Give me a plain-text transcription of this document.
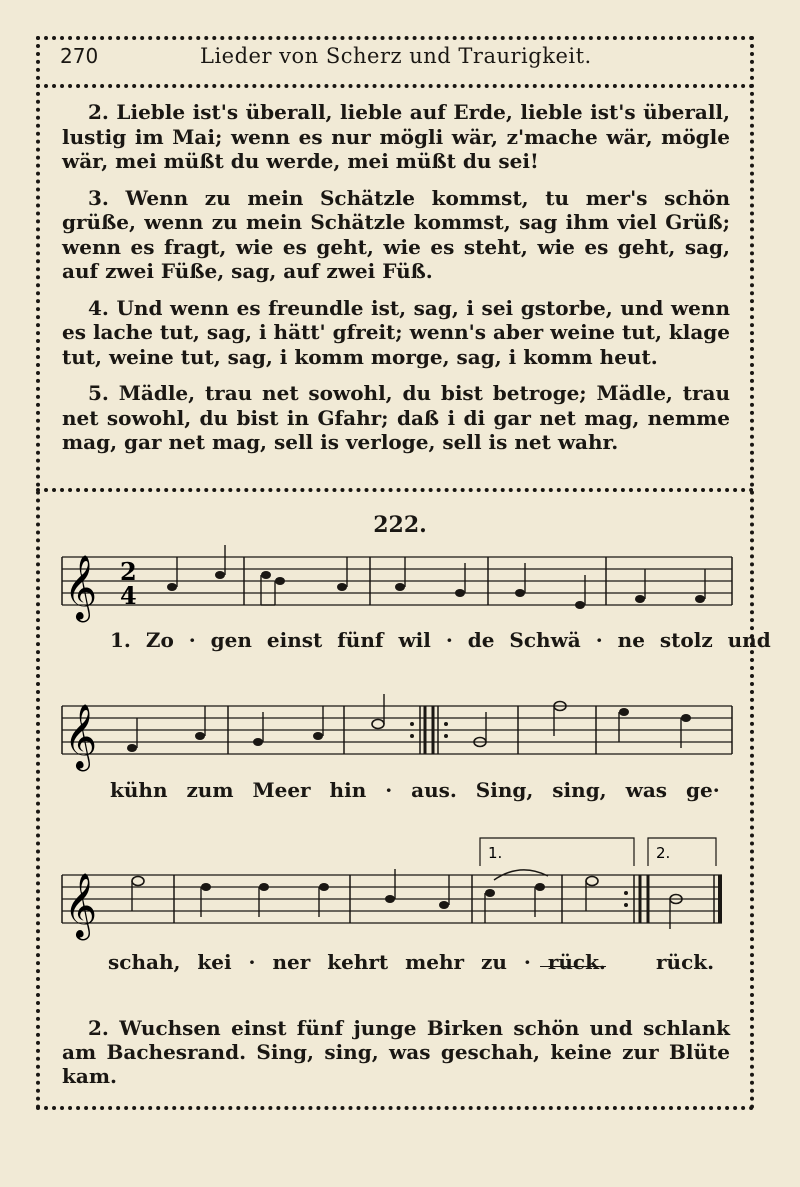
270	Lieder von Scherz und Traurigkeit.

2. Lieble ist's überall, lieble auf Erde, lieble ist's überall, lustig im Mai; wenn es nur mögli wär, z'mache wär, mögle wär, mei müßt du werde, mei müßt du sei!

3. Wenn zu mein Schätzle kommst, tu mer's schön grüße, wenn zu mein Schätzle kommst, sag ihm viel Grüß; wenn es fragt, wie es geht, wie es steht, wie es geht, sag, auf zwei Füße, sag, auf zwei Füß.

4. Und wenn es freundle ist, sag, i sei gstorbe, und wenn es lache tut, sag, i hätt' gfreit; wenn's aber weine tut, klage tut, weine tut, sag, i komm morge, sag, i komm heut.

5. Mädle, trau net sowohl, du bist betroge; Mädle, trau net sowohl, du bist in Gfahr; daß i di gar net mag, nemme mag, gar net mag, sell is verloge, sell is net wahr.

222.
𝄞 2
4
𝄞
𝄞
1.	2.
1. Zo · gen einst fünf wil · de Schwä · ne stolz und
kühn zum Meer hin · aus. Sing, sing, was ge·
schah, kei · ner kehrt mehr zu · rück.	rück.
2. Wuchsen einst fünf junge Birken schön und schlank am Bachesrand. Sing, sing, was geschah, keine zur Blüte kam.
